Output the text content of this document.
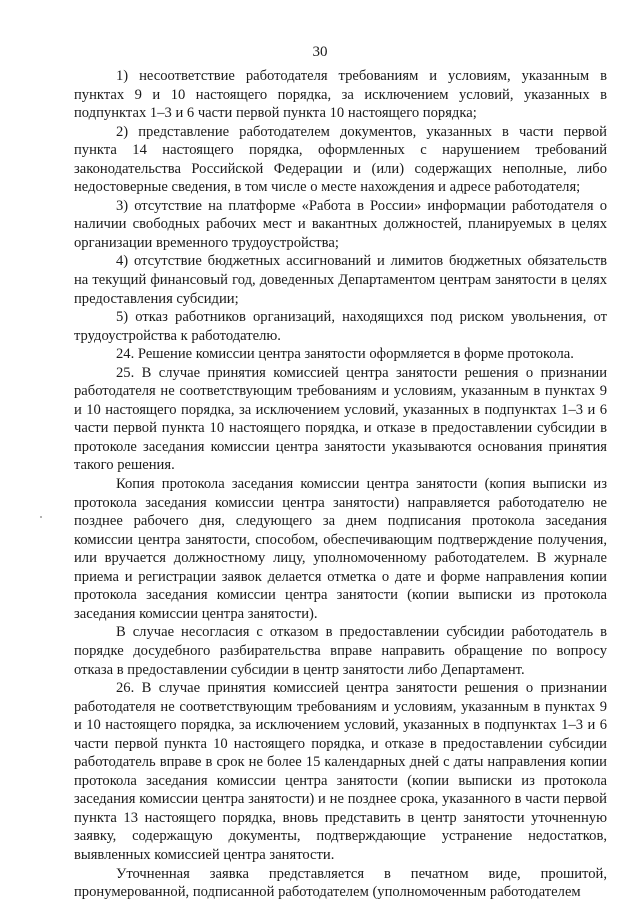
30

1) несоответствие работодателя требованиям и условиям, указанным в пунктах 9 и 10 настоящего порядка, за исключением условий, указанных в подпунктах 1–3 и 6 части первой пункта 10 настоящего порядка;

2) представление работодателем документов, указанных в части первой пункта 14 настоящего порядка, оформленных с нарушением требований законодательства Российской Федерации и (или) содержащих неполные, либо недостоверные сведения, в том числе о месте нахождения и адресе работодателя;

3) отсутствие на платформе «Работа в России» информации работодателя о наличии свободных рабочих мест и вакантных должностей, планируемых в целях организации временного трудоустройства;

4) отсутствие бюджетных ассигнований и лимитов бюджетных обязательств на текущий финансовый год, доведенных Департаментом центрам занятости в целях предоставления субсидии;

5) отказ работников организаций, находящихся под риском увольнения, от трудоустройства к работодателю.

24. Решение комиссии центра занятости оформляется в форме протокола.

25. В случае принятия комиссией центра занятости решения о признании работодателя не соответствующим требованиям и условиям, указанным в пунктах 9 и 10 настоящего порядка, за исключением условий, указанных в подпунктах 1–3 и 6 части первой пункта 10 настоящего порядка, и отказе в предоставлении субсидии в протоколе заседания комиссии центра занятости указываются основания принятия такого решения.

Копия протокола заседания комиссии центра занятости (копия выписки из протокола заседания комиссии центра занятости) направляется работодателю не позднее рабочего дня, следующего за днем подписания протокола заседания комиссии центра занятости, способом, обеспечивающим подтверждение получения, или вручается должностному лицу, уполномоченному работодателем. В журнале приема и регистрации заявок делается отметка о дате и форме направления копии протокола заседания комиссии центра занятости (копии выписки из протокола заседания комиссии центра занятости).

В случае несогласия с отказом в предоставлении субсидии работодатель в порядке досудебного разбирательства вправе направить обращение по вопросу отказа в предоставлении субсидии в центр занятости либо Департамент.

26. В случае принятия комиссией центра занятости решения о признании работодателя не соответствующим требованиям и условиям, указанным в пунктах 9 и 10 настоящего порядка, за исключением условий, указанных в подпунктах 1–3 и 6 части первой пункта 10 настоящего порядка, и отказе в предоставлении субсидии работодатель вправе в срок не более 15 календарных дней с даты направления копии протокола заседания комиссии центра занятости (копии выписки из протокола заседания комиссии центра занятости) и не позднее срока, указанного в части первой пункта 13 настоящего порядка, вновь представить в центр занятости уточненную заявку, содержащую документы, подтверждающие устранение недостатков, выявленных комиссией центра занятости.

Уточненная заявка представляется в печатном виде, прошитой, пронумерованной, подписанной работодателем (уполномоченным работодателем
